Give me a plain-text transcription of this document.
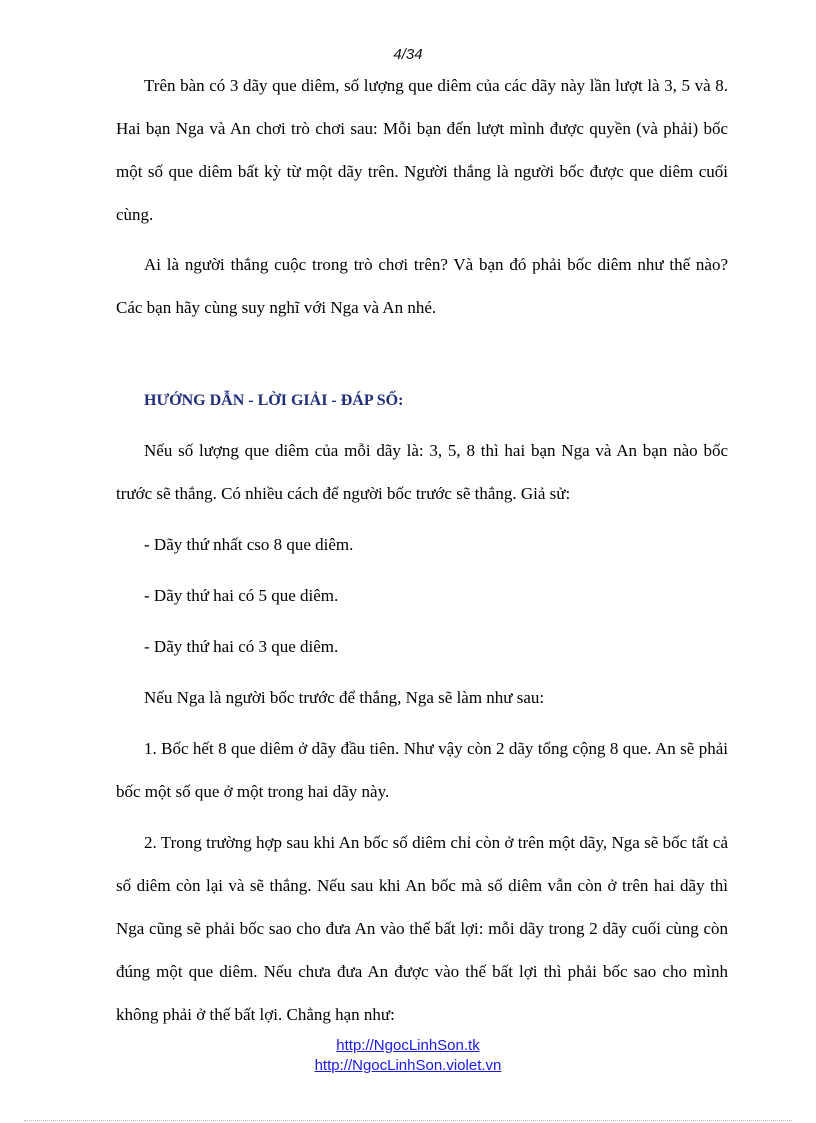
4/34

Trên bàn có 3 dãy que diêm, số lượng que diêm của các dãy này lần lượt là 3, 5 và 8. Hai bạn Nga và An chơi trò chơi sau: Mỗi bạn đến lượt mình được quyền (và phải) bốc một số que diêm bất kỳ từ một dãy trên. Người thắng là người bốc được que diêm cuối cùng.

Ai là người thắng cuộc trong trò chơi trên? Và bạn đó phải bốc diêm như thế nào? Các bạn hãy cùng suy nghĩ với Nga và An nhé.

HƯỚNG DẪN - LỜI GIẢI - ĐÁP SỐ:

Nếu số lượng que diêm của mỗi dãy là: 3, 5, 8 thì hai bạn Nga và An bạn nào bốc trước sẽ thắng. Có nhiều cách để người bốc trước sẽ thắng. Giả sử:

- Dãy thứ nhất cso 8 que diêm.

- Dãy thứ hai có 5 que diêm.

- Dãy thứ hai có 3 que diêm.

Nếu Nga là người bốc trước để thắng, Nga sẽ làm như sau:

1. Bốc hết 8 que diêm ở dãy đầu tiên. Như vậy còn 2 dãy tổng cộng 8 que. An sẽ phải bốc một số que ở một trong hai dãy này.

2. Trong trường hợp sau khi An bốc số diêm chỉ còn ở trên một dãy, Nga sẽ bốc tất cả số diêm còn lại và sẽ thắng. Nếu sau khi An bốc mà số diêm vẫn còn ở trên hai dãy thì Nga cũng sẽ phải bốc sao cho đưa An vào thế bất lợi: mỗi dãy trong 2 dãy cuối cùng còn đúng một que diêm. Nếu chưa đưa An được vào thế bất lợi thì phải bốc sao cho mình không phải ở thế bất lợi. Chẳng hạn như:

http://NgocLinhSon.tk
http://NgocLinhSon.violet.vn
